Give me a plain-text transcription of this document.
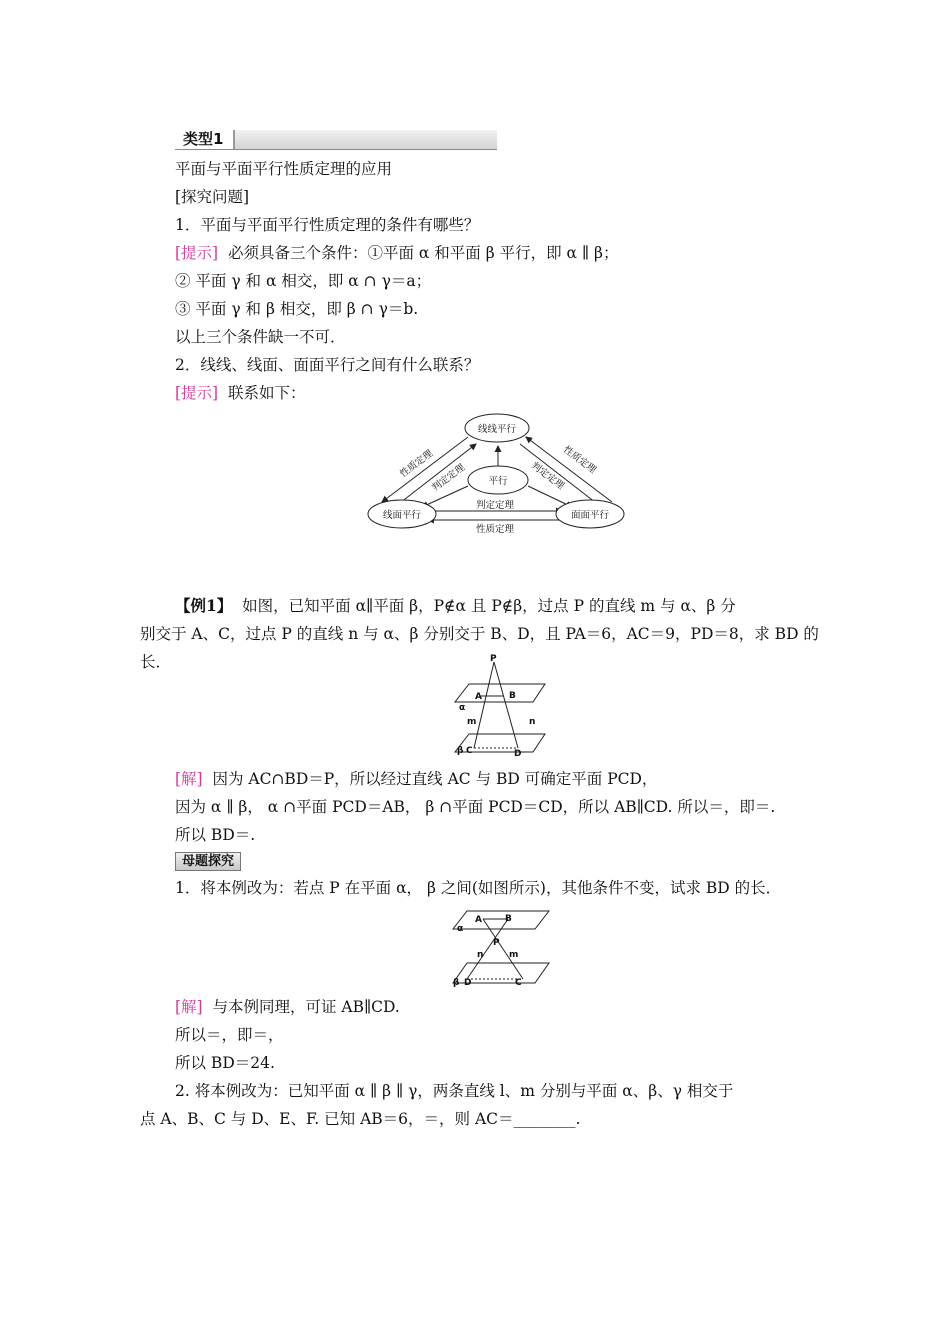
类型1
平面与平面平行性质定理的应用
[探究问题]
1．平面与平面平行性质定理的条件有哪些？
[提示] 必须具备三个条件：①平面 α 和平面 β 平行，即 α ∥ β；
② 平面 γ 和 α 相交，即 α ∩ γ＝a；
③ 平面 γ 和 β 相交，即 β ∩ γ＝b.
以上三个条件缺一不可．
2．线线、线面、面面平行之间有什么联系？
[提示] 联系如下：
线线平行
线面平行	面面平行
平行
性质定理
判定定理
性质定理
判定定理
判定定理
性质定理
【例1】 如图，已知平面 α∥平面 β，P∉α 且 P∉β，过点 P 的直线 m 与 α、β 分
别交于 A、C，过点 P 的直线 n 与 α、β 分别交于 B、D，且 PA＝6，AC＝9，PD＝8，求 BD 的
长．	P
A	B
α
m	n
β C	D
[解] 因为 AC∩BD＝P，所以经过直线 AC 与 BD 可确定平面 PCD，
因为 α ∥ β， α ∩平面 PCD＝AB， β ∩平面 PCD＝CD，所以 AB∥CD. 所以＝，即＝.
所以 BD＝.
母题探究
1．将本例改为：若点 P 在平面 α， β 之间(如图所示)，其他条件不变，试求 BD 的长．
A	B
α
P
n	m
β D	C
[解] 与本例同理，可证 AB∥CD.
所以＝，即＝，
所以 BD＝24.
2. 将本例改为：已知平面 α ∥ β ∥ γ，两条直线 l、m 分别与平面 α、β、γ 相交于
点 A、B、C 与 D、E、F. 已知 AB＝6，＝，则 AC＝________.
